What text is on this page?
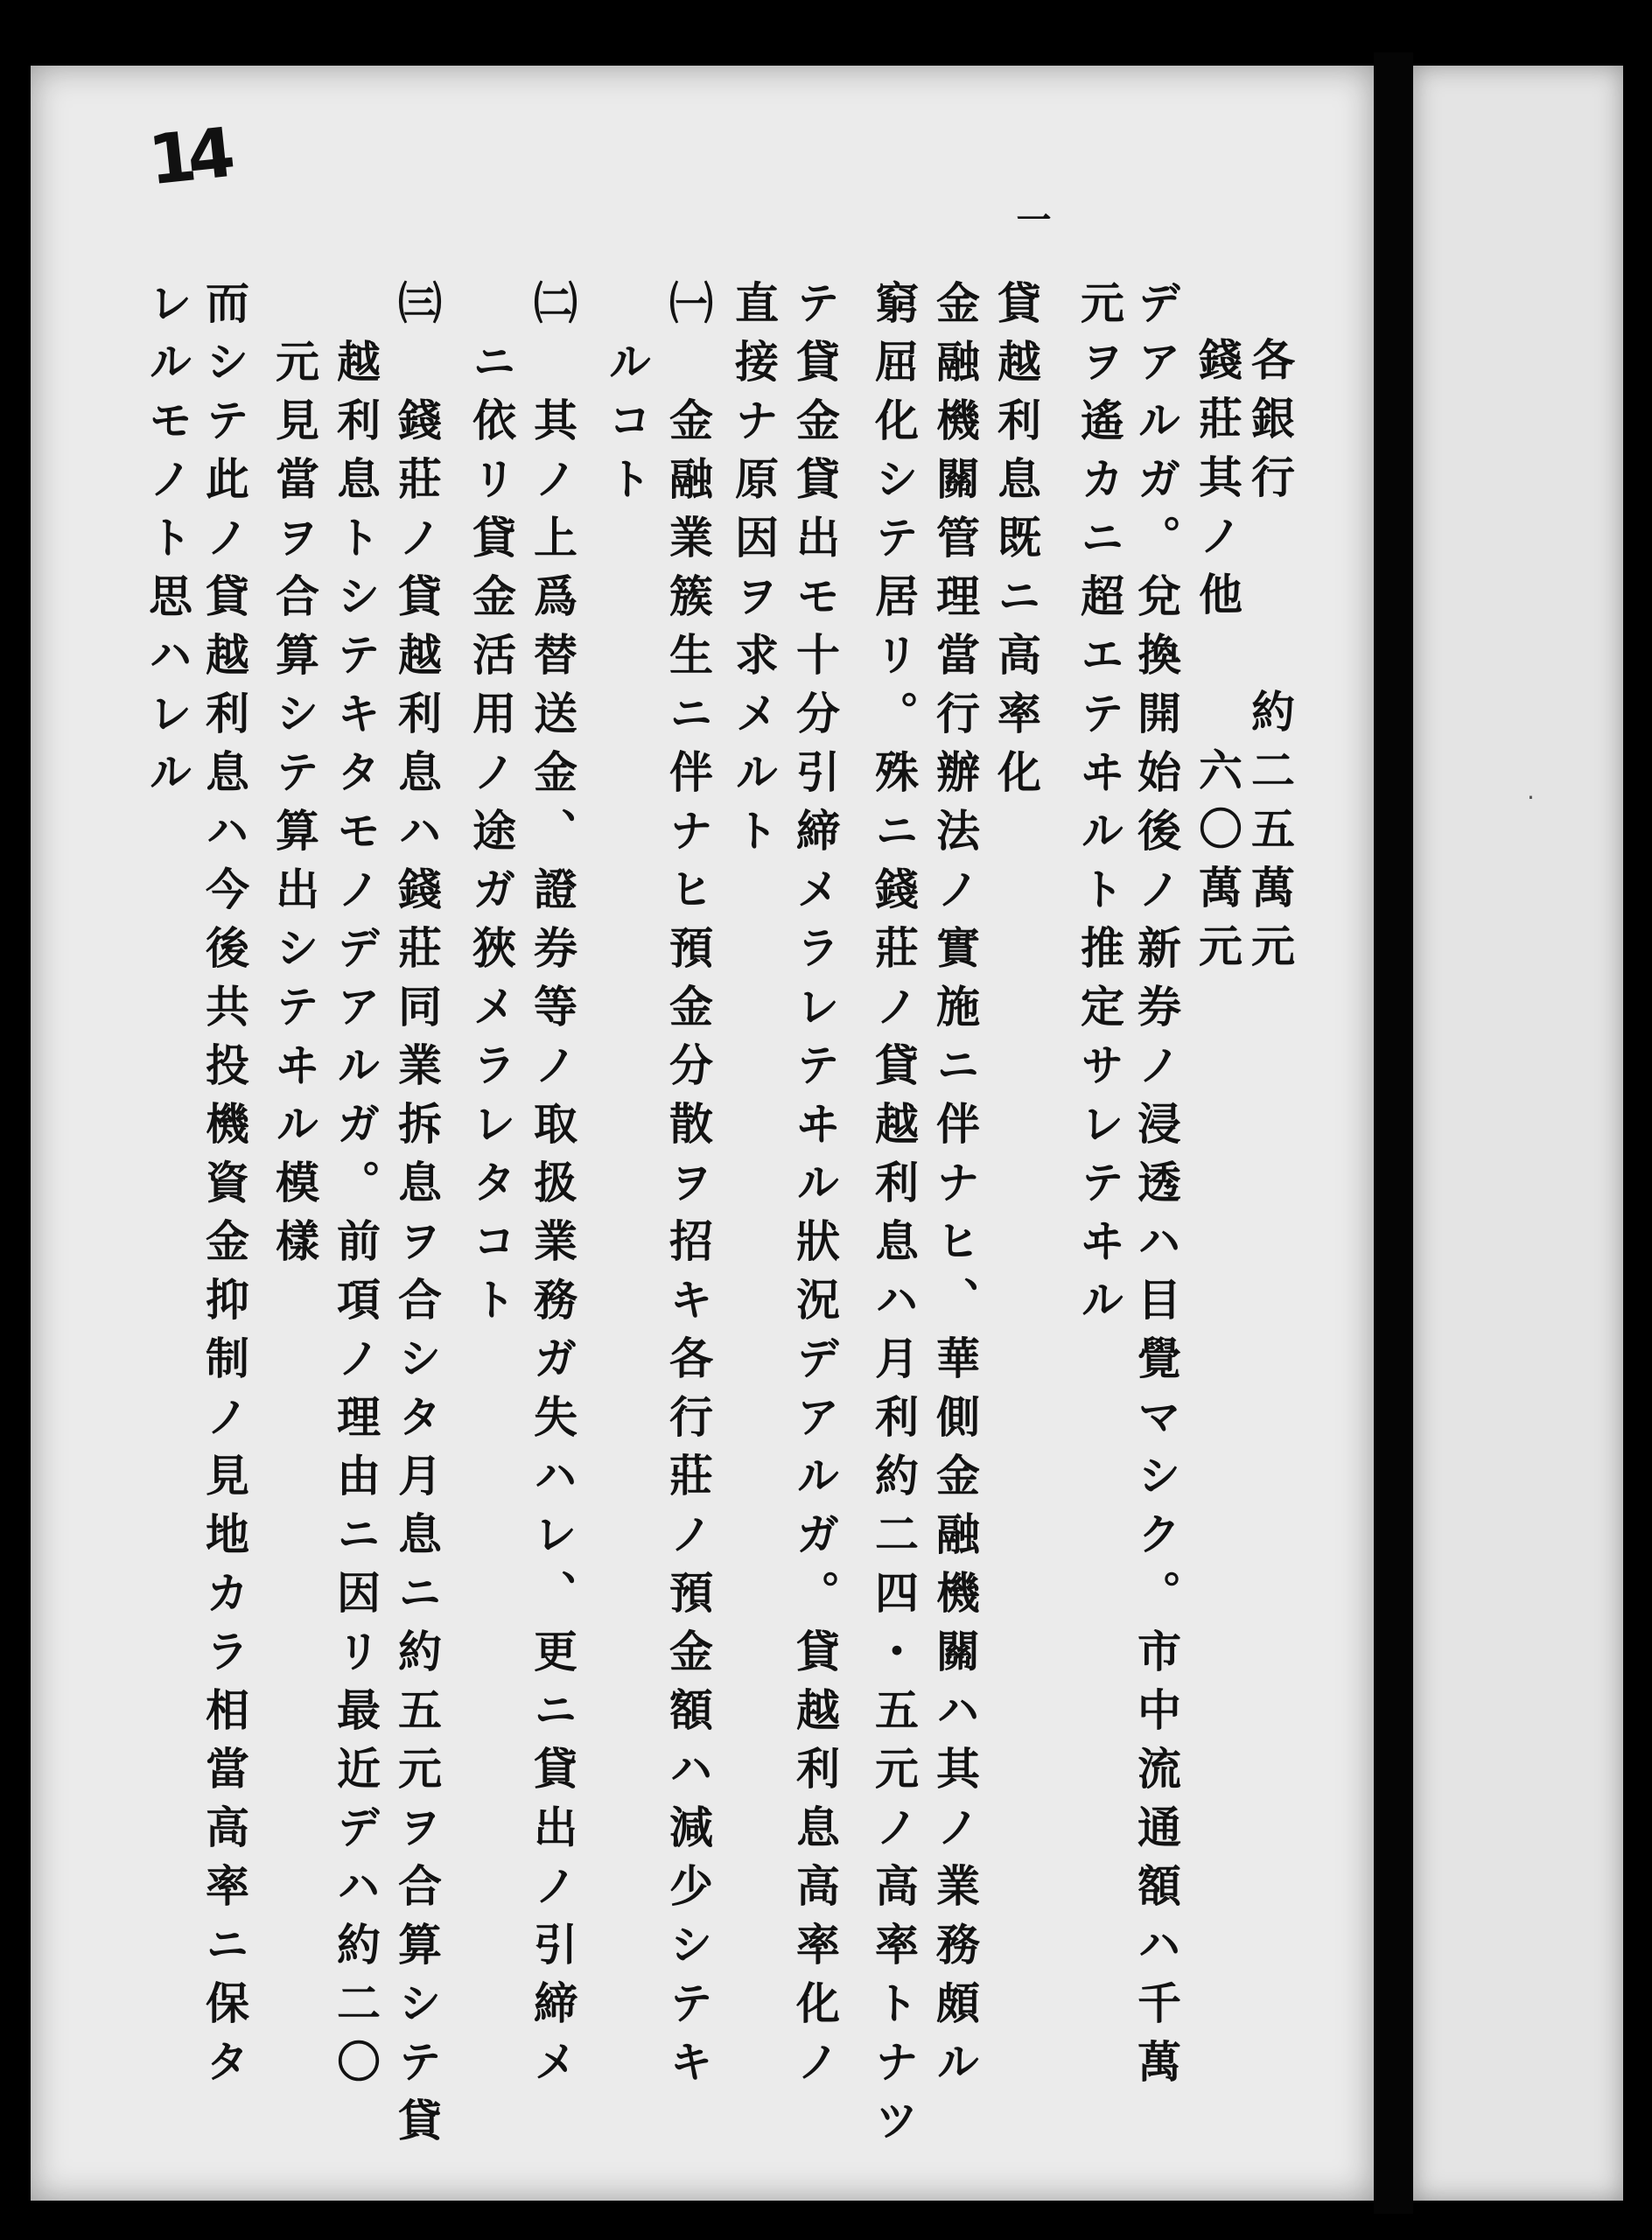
·
14
一
各銀行　　　約二五萬元
錢莊其ノ他　　六〇萬元
デアルガ。兌換開始後ノ新券ノ浸透ハ目覺マシク。市中流通額ハ千萬
元ヲ遙カニ超エテヰルト推定サレテヰル
貸越利息既ニ高率化
金融機關管理當行辦法ノ實施ニ伴ナヒ、華側金融機關ハ其ノ業務頗ル
窮屈化シテ居リ。殊ニ錢莊ノ貸越利息ハ月利約二四・五元ノ高率トナツ
テ貸金貸出モ十分引締メラレテヰル狀況デアルガ。貸越利息高率化ノ
直接ナ原因ヲ求メルト
㈠　金融業簇生ニ伴ナヒ預金分散ヲ招キ各行莊ノ預金額ハ減少シテキ
　ルコト
㈡　其ノ上爲替送金、證券等ノ取扱業務ガ失ハレ、更ニ貸出ノ引締メ
　ニ依リ貸金活用ノ途ガ狹メラレタコト
㈢　錢莊ノ貸越利息ハ錢莊同業拆息ヲ合シタ月息ニ約五元ヲ合算シテ貸
　越利息トシテキタモノデアルガ。前項ノ理由ニ因リ最近デハ約二〇
　元見當ヲ合算シテ算出シテヰル模樣
而シテ此ノ貸越利息ハ今後共投機資金抑制ノ見地カラ相當高率ニ保タ
レルモノト思ハレル
